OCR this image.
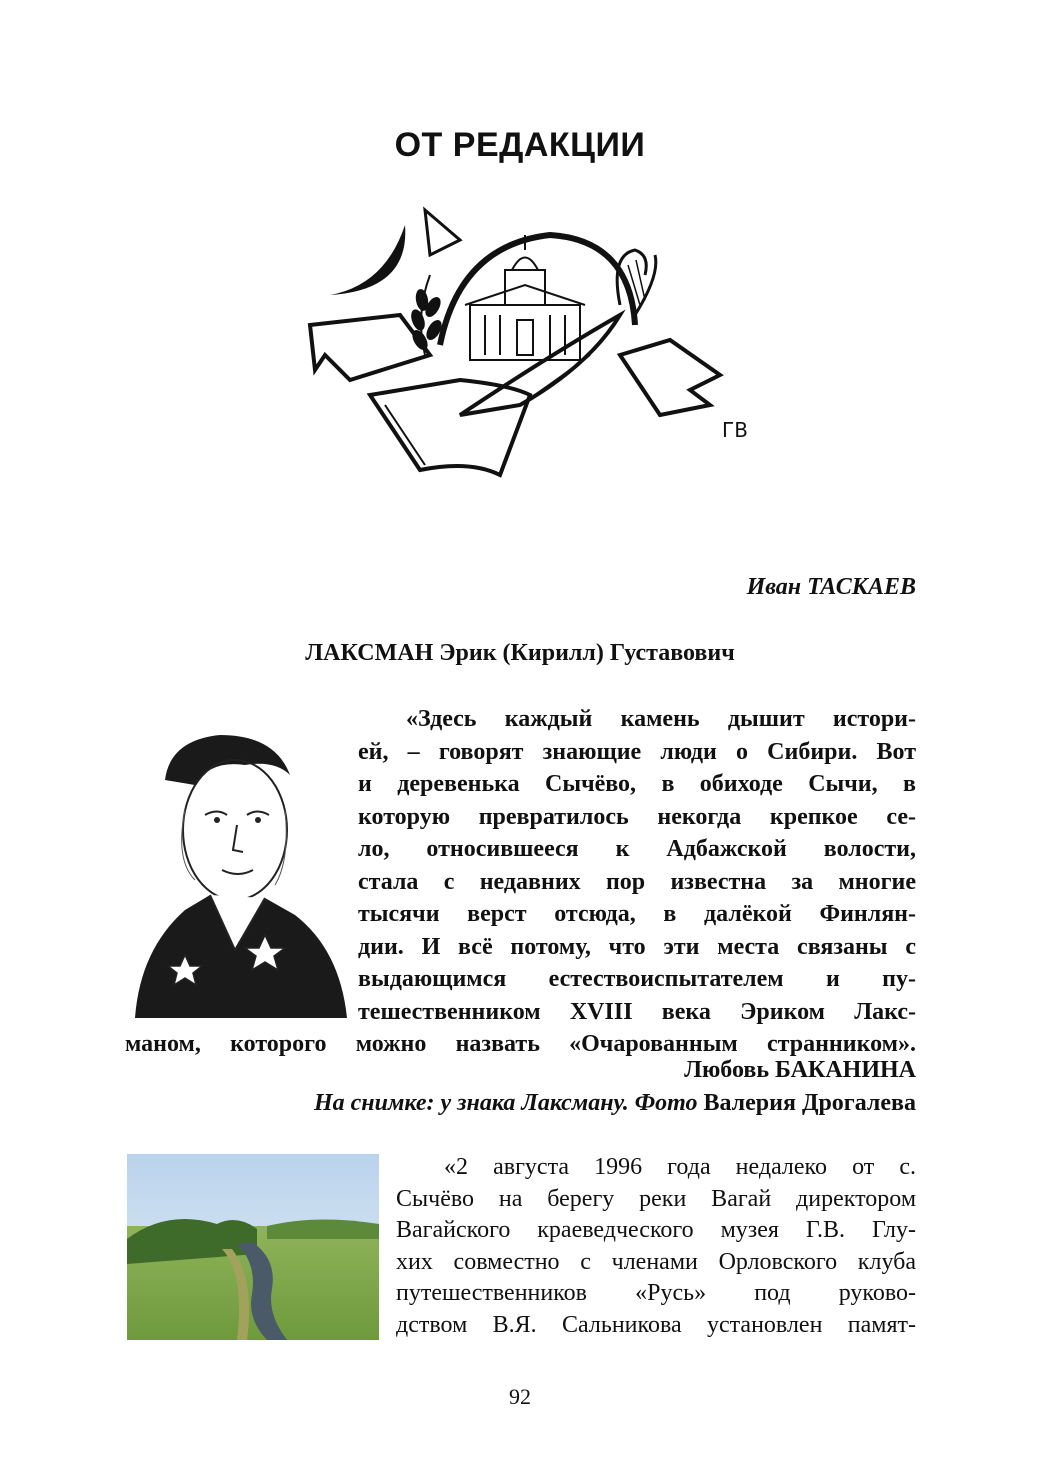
ОТ РЕДАКЦИИ
ГВ
Иван ТАСКАЕВ
ЛАКСМАН Эрик (Кирилл) Густавович
«Здесь каждый камень дышит истори-
ей, – говорят знающие люди о Сибири. Вот
и деревенька Сычёво, в обиходе Сычи, в
которую превратилось некогда крепкое се-
ло, относившееся к Адбажской волости,
стала с недавних пор известна за многие
тысячи верст отсюда, в далёкой Финлян-
дии. И всё потому, что эти места связаны с
выдающимся естествоиспытателем и пу-
тешественником XVIII века Эриком Лакс-
маном, которого можно назвать «Очарованным странником».
Любовь БАКАНИНА
На снимке: у знака Лаксману. Фото Валерия Дрогалева
«2 августа 1996 года недалеко от с.
Сычёво на берегу реки Вагай директором
Вагайского краеведческого музея Г.В. Глу-
хих совместно с членами Орловского клуба
путешественников «Русь» под руково-
дством В.Я. Сальникова установлен памят-
92
